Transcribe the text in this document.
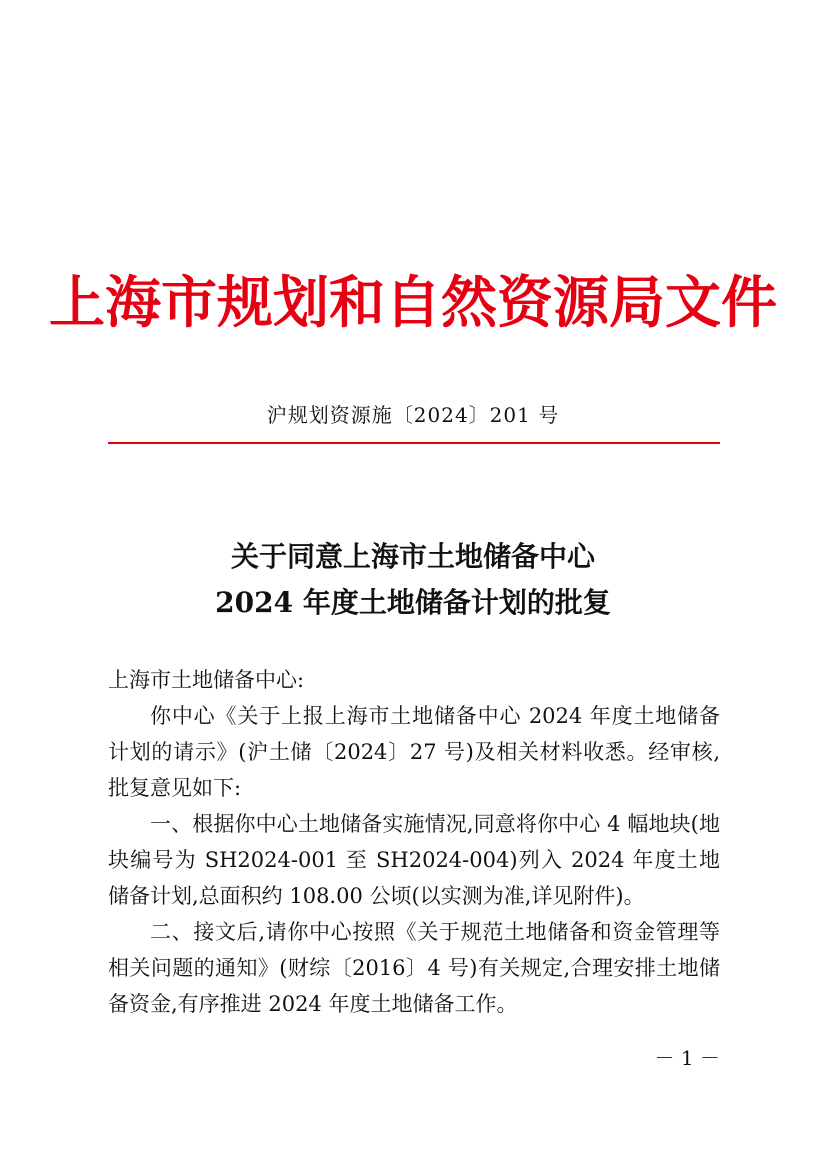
上海市规划和自然资源局文件
沪规划资源施〔2024〕201 号
关于同意上海市土地储备中心
2024 年度土地储备计划的批复

上海市土地储备中心:

你中心《关于上报上海市土地储备中心 2024 年度土地储备计划的请示》(沪土储〔2024〕27 号)及相关材料收悉。经审核,批复意见如下:

一、根据你中心土地储备实施情况,同意将你中心 4 幅地块(地块编号为 SH2024-001 至 SH2024-004)列入 2024 年度土地储备计划,总面积约 108.00 公顷(以实测为准,详见附件)。

二、接文后,请你中心按照《关于规范土地储备和资金管理等相关问题的通知》(财综〔2016〕4 号)有关规定,合理安排土地储备资金,有序推进 2024 年度土地储备工作。

－ 1 －
